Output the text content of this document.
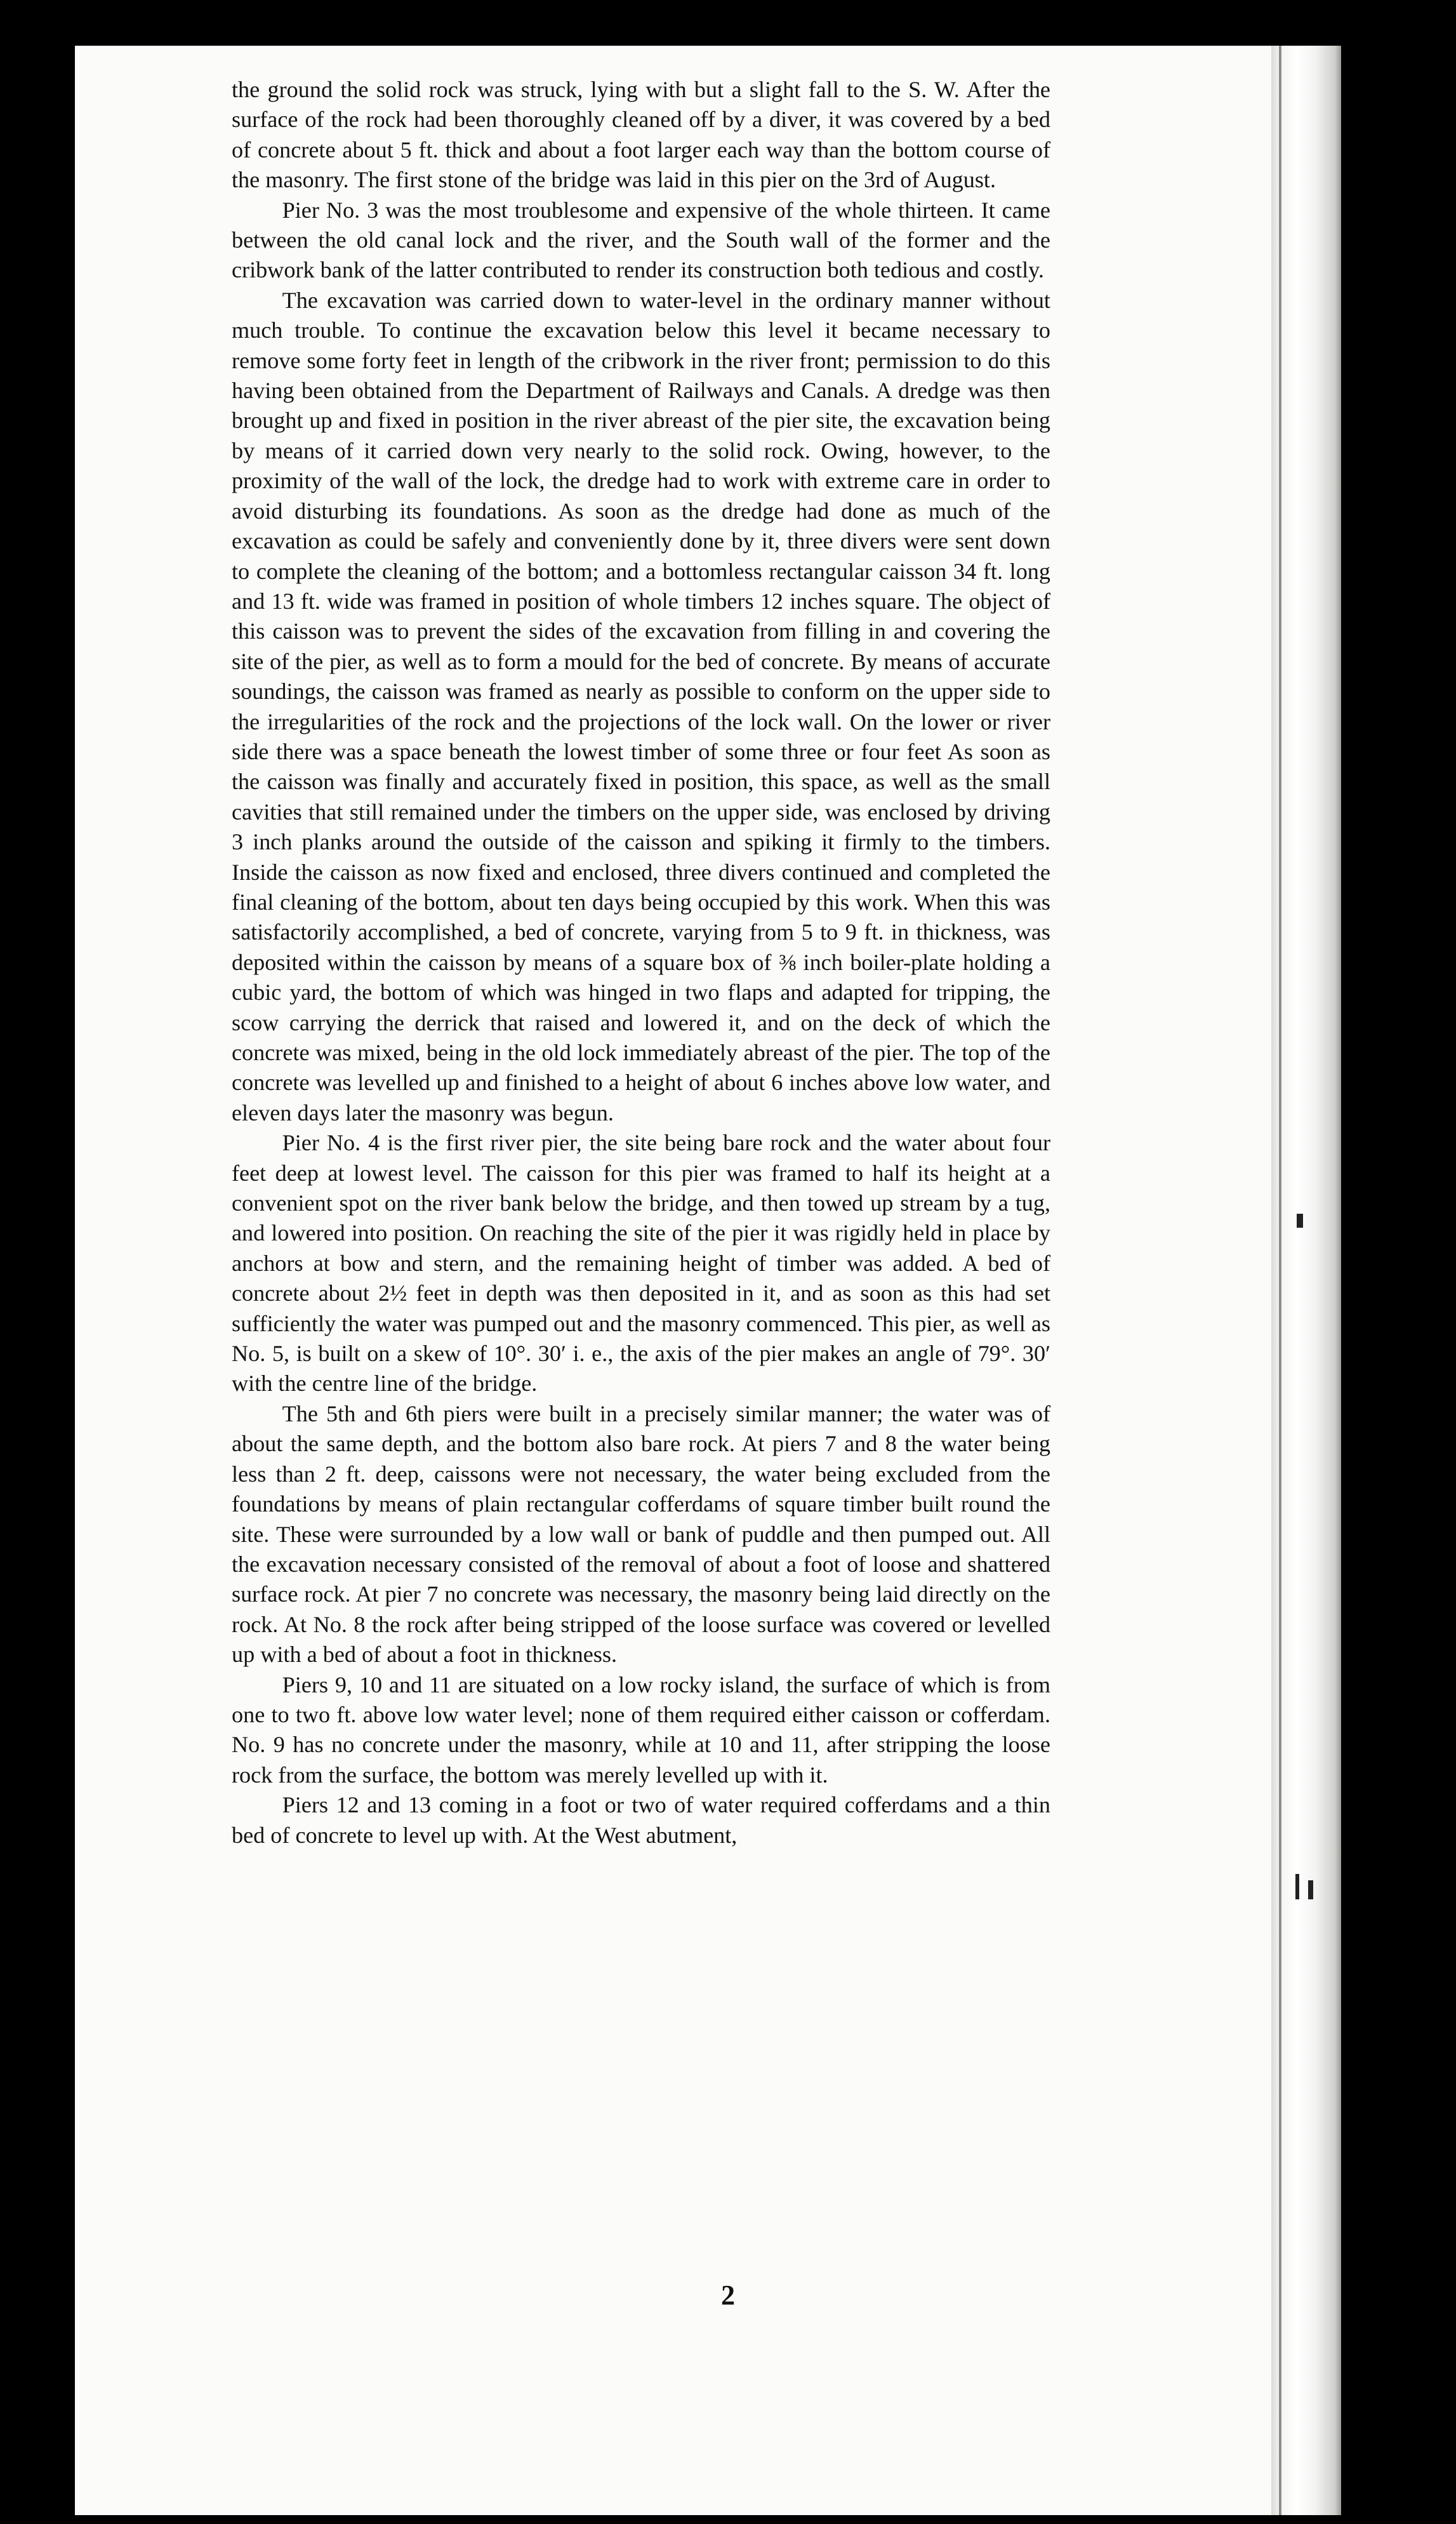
the ground the solid rock was struck, lying with but a slight fall to the S. W. After the surface of the rock had been thoroughly cleaned off by a diver, it was covered by a bed of concrete about 5 ft. thick and about a foot larger each way than the bottom course of the masonry. The first stone of the bridge was laid in this pier on the 3rd of August.

Pier No. 3 was the most troublesome and expensive of the whole thirteen. It came between the old canal lock and the river, and the South wall of the former and the cribwork bank of the latter contributed to render its construction both tedious and costly.

The excavation was carried down to water-level in the ordinary manner without much trouble. To continue the excavation below this level it became necessary to remove some forty feet in length of the cribwork in the river front; permission to do this having been obtained from the Department of Railways and Canals. A dredge was then brought up and fixed in position in the river abreast of the pier site, the excavation being by means of it carried down very nearly to the solid rock. Owing, however, to the proximity of the wall of the lock, the dredge had to work with extreme care in order to avoid disturbing its foundations. As soon as the dredge had done as much of the excavation as could be safely and conveniently done by it, three divers were sent down to complete the cleaning of the bottom; and a bottomless rectangular caisson 34 ft. long and 13 ft. wide was framed in position of whole timbers 12 inches square. The object of this caisson was to prevent the sides of the excavation from filling in and covering the site of the pier, as well as to form a mould for the bed of concrete. By means of accurate soundings, the caisson was framed as nearly as possible to conform on the upper side to the irregularities of the rock and the projections of the lock wall. On the lower or river side there was a space beneath the lowest timber of some three or four feet As soon as the caisson was finally and accurately fixed in position, this space, as well as the small cavities that still remained under the timbers on the upper side, was enclosed by driving 3 inch planks around the outside of the caisson and spiking it firmly to the timbers. Inside the caisson as now fixed and enclosed, three divers continued and completed the final cleaning of the bottom, about ten days being occupied by this work. When this was satisfactorily accomplished, a bed of concrete, varying from 5 to 9 ft. in thickness, was deposited within the caisson by means of a square box of ⅜ inch boiler-plate holding a cubic yard, the bottom of which was hinged in two flaps and adapted for tripping, the scow carrying the derrick that raised and lowered it, and on the deck of which the concrete was mixed, being in the old lock immediately abreast of the pier. The top of the concrete was levelled up and finished to a height of about 6 inches above low water, and eleven days later the masonry was begun.

Pier No. 4 is the first river pier, the site being bare rock and the water about four feet deep at lowest level. The caisson for this pier was framed to half its height at a convenient spot on the river bank below the bridge, and then towed up stream by a tug, and lowered into position. On reaching the site of the pier it was rigidly held in place by anchors at bow and stern, and the remaining height of timber was added. A bed of concrete about 2½ feet in depth was then deposited in it, and as soon as this had set sufficiently the water was pumped out and the masonry commenced. This pier, as well as No. 5, is built on a skew of 10°. 30′ i. e., the axis of the pier makes an angle of 79°. 30′ with the centre line of the bridge.

The 5th and 6th piers were built in a precisely similar manner; the water was of about the same depth, and the bottom also bare rock. At piers 7 and 8 the water being less than 2 ft. deep, caissons were not necessary, the water being excluded from the foundations by means of plain rectangular cofferdams of square timber built round the site. These were surrounded by a low wall or bank of puddle and then pumped out. All the excavation necessary consisted of the removal of about a foot of loose and shattered surface rock. At pier 7 no concrete was necessary, the masonry being laid directly on the rock. At No. 8 the rock after being stripped of the loose surface was covered or levelled up with a bed of about a foot in thickness.

Piers 9, 10 and 11 are situated on a low rocky island, the surface of which is from one to two ft. above low water level; none of them required either caisson or cofferdam. No. 9 has no concrete under the masonry, while at 10 and 11, after stripping the loose rock from the surface, the bottom was merely levelled up with it.

Piers 12 and 13 coming in a foot or two of water required cofferdams and a thin bed of concrete to level up with. At the West abutment,

2
